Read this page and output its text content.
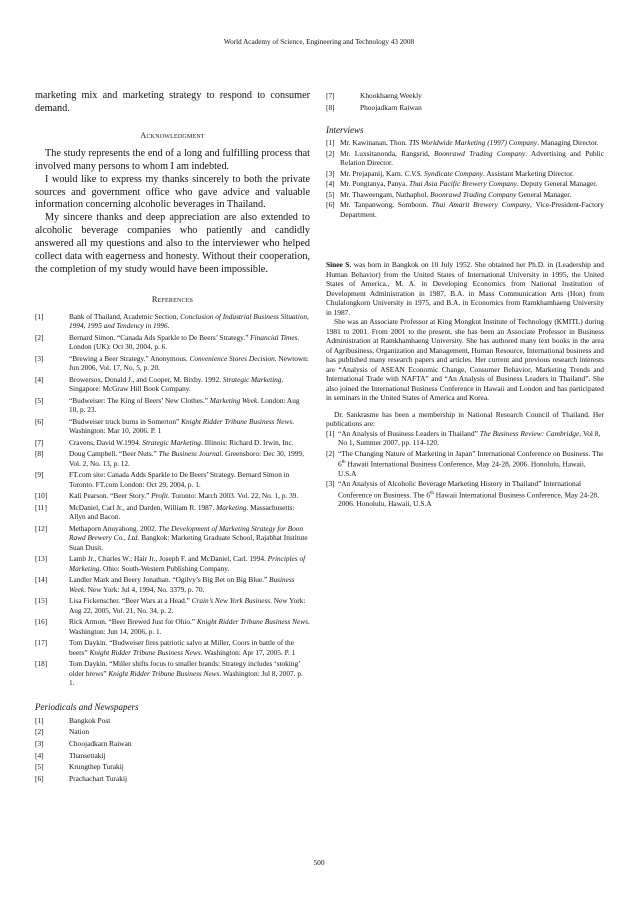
World Academy of Science, Engineering and Technology 43 2008

marketing mix and marketing strategy to respond to consumer demand.

Acknowledgment

The study represents the end of a long and fulfilling process that involved many persons to whom I am indebted.

I would like to express my thanks sincerely to both the private sources and government office who gave advice and valuable information concerning alcoholic beverages in Thailand.

My sincere thanks and deep appreciation are also extended to alcoholic beverage companies who patiently and candidly answered all my questions and also to the interviewer who helped collect data with eagerness and honesty. Without their cooperation, the completion of my study would have been impossible.

References
[1]	Bank of Thailand, Academic Section, Conclusion of Industrial Business Situation, 1994, 1995 and Tendency in 1996.
[2]	Bernard Simon. “Canada Ads Sparkle to De Beers’ Strategy.” Financial Times. London (UK): Oct 30, 2004, p. 6.
[3]	“Brewing a Beer Strategy.” Anonymous. Convenience Stores Decision. Newtown: Jun 2006, Vol. 17, No. 5, p. 20.
[4]	Browersox, Donald J., and Cooper, M. Bixby. 1992. Strategic Marketing. Singapore: McGraw Hill Book Company.
[5]	“Budweiser: The King of Beers’ New Clothes.” Marketing Week. London: Aug 10, p. 23.
[6]	“Budweiser truck burns in Somerton” Knight Ridder Tribune Business News. Washington: Mar 10, 2006. P. 1
[7]	Cravens, David W.1994. Strategic Marketing. Illinois: Richard D. Irwin, Inc.
[8]	Doug Campbell. “Beer Nuts.” The Business Journal. Greensboro: Dec 30, 1999, Vol. 2, No. 13, p. 12.
[9]	FT.com site: Canada Adds Sparkle to De Beers’ Strategy. Bernard Simon in Toronto. FT.com London: Oct 29, 2004, p. 1.
[10]	Kali Pearson. “Beer Story.” Profit. Toronto: March 2003. Vol. 22, No. 1, p. 39.
[11]	McDaniel, Carl Jr., and Darden, William R. 1987. Marketing. Massachusetts: Allyn and Bacon.
[12]	Methaporn Anuyahong. 2002. The Development of Marketing Strategy for Boon Rawd Brewery Co., Ltd. Bangkok: Marketing Graduate School, Rajabhat Institute Suan Dusit.
[13]	Lamb Jr., Charles W.; Hair Jr., Joseph F. and McDaniel, Carl. 1994. Principles of Marketing. Ohio: South-Western Publishing Company.
[14]	Landler Mark and Beery Jonathan. “Ogilvy’s Big Bet on Big Blue.” Business Week. New York: Jul 4, 1994, No. 3379, p. 70.
[15]	Lisa Fickenscher. “Beer Wars at a Head.” Crain’s New York Business. New York: Aug 22, 2005, Vol. 21, No. 34, p. 2.
[16]	Rick Armon. “Beer Brewed Just for Ohio.” Knight Ridder Tribune Business News. Washington: Jun 14, 2006, p. 1.
[17]	Tom Daykin. “Budweiser fires patriotic salvo at Miller, Coors in battle of the beers” Knight Ridder Tribune Business News. Washington: Apr 17, 2005. P. 1
[18]	Tom Daykin. “Miller shifts focus to smaller brands: Strategy includes ‘stoking’ older brews” Knight Ridder Tribune Business News. Washington: Jul 8, 2007. p. 1.
Periodicals and Newspapers
[1]	Bangkok Post
[2]	Nation
[3]	Choojadkarn Raiwan
[4]	Thansettakij
[5]	Krungthep Turakij
[6]	Prachachart Turakij
[7]	Khookhaeng Weekly
[8]	Phoojadkarn Raiwan
Interviews
[1] Mr. Kawinanan, Thon. TIS Worldwide Marketing (1997) Company. Managing Director.
[2] Mr. Luxsitanonda, Rangsrid, Boonrawd Trading Company. Advertising and Public Relation Director.
[3] Mr. Prejapanij, Karn. C.V.S. Syndicate Company. Assistant Marketing Director.
[4] Mr. Pongtanya, Panya. Thai Asia Pacific Brewery Company. Deputy General Manager.
[5] Mr. Thaweengam, Nathaphol. Boonrawd Trading Company General Manager.
[6] Mr. Tanpanwong, Somboon. Thai Amarit Brewery Company, Vice-President-Factory Department.

Sinee S. was born in Bangkok on 10 July 1952. She obtained her Ph.D. in (Leadership and Human Behavior) from the United States of International University in 1995, the United States of America., M. A. in Developing Economics from National Institution of Development Administration in 1987, B.A. in Mass Communication Arts (Hon) from Chulalongkorn University in 1975, and B.A. in Economics from Ramkhamhaeng University in 1987.

She was an Associate Professor at King Mongkut Institute of Technology (KMITL) during 1981 to 2001. From 2001 to the present, she has been an Associate Professor in Business Administration at Ramkhamhaeng University. She has authored many text books in the area of Agribusiness, Organization and Management, Human Resource, International business and has published many research papers and articles. Her current and previous research interests are “Analysis of ASEAN Economic Change, Consumer Behavior, Marketing Trends and International Trade with NAFTA” and “An Analysis of Business Leaders in Thailand”. She also joined the International Business Conference in Hawaii and London and has participated in seminars in the United States of America and Korea.

Dr. Sankrasme has been a membership in National Research Council of Thailand. Her publications are:

[1] “An Analysis of Business Leaders in Thailand” The Business Review: Cambridge, Vol 8, No 1, Summer 2007, pp. 114-120.
[2] “The Changing Nature of Marketing in Japan” International Conference on Business. The 6th Hawaii International Business Conference, May 24-28, 2006. Honolulu, Hawaii, U.S.A
[3] “An Analysis of Alcoholic Beverage Marketing History in Thailand” International Conference on Business. The 6th Hawaii International Business Conference, May 24-28, 2006. Honolulu, Hawaii, U.S.A
500
